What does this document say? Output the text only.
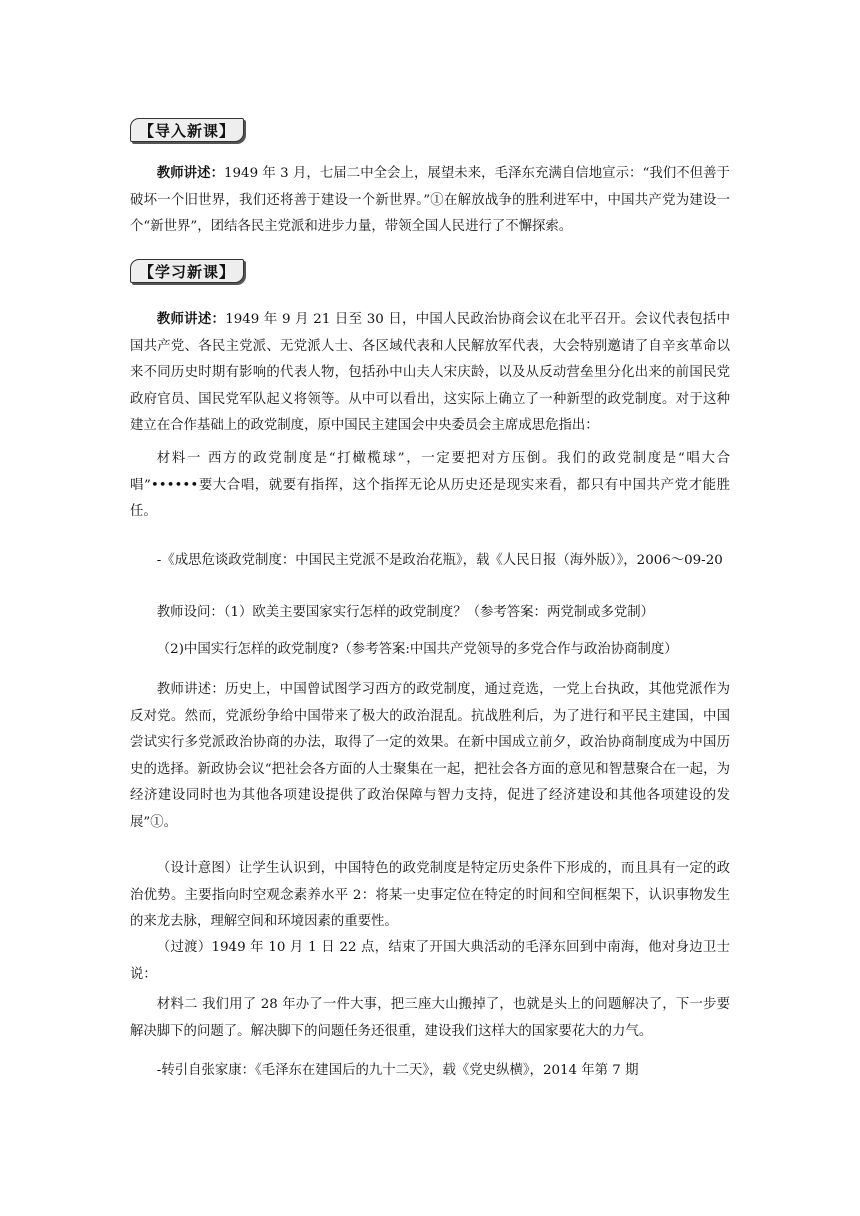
【导入新课】

教师讲述：1949 年 3 月，七届二中全会上，展望未来，毛泽东充满自信地宣示：“我们不但善于破坏一个旧世界，我们还将善于建设一个新世界。”①在解放战争的胜利进军中，中国共产党为建设一个“新世界”，团结各民主党派和进步力量，带领全国人民进行了不懈探索。

【学习新课】

教师讲述：1949 年 9 月 21 日至 30 日，中国人民政治协商会议在北平召开。会议代表包括中国共产党、各民主党派、无党派人士、各区域代表和人民解放军代表，大会特别邀请了自辛亥革命以来不同历史时期有影响的代表人物，包括孙中山夫人宋庆龄，以及从反动营垒里分化出来的前国民党政府官员、国民党军队起义将领等。从中可以看出，这实际上确立了一种新型的政党制度。对于这种建立在合作基础上的政党制度，原中国民主建国会中央委员会主席成思危指出：

材料一 西方的政党制度是“打橄榄球”，一定要把对方压倒。我们的政党制度是“唱大合唱”••••••要大合唱，就要有指挥，这个指挥无论从历史还是现实来看，都只有中国共产党才能胜任。

-《成思危谈政党制度：中国民主党派不是政治花瓶》，载《人民日报（海外版）》，2006～09-20

教师设问：（1）欧美主要国家实行怎样的政党制度？（参考答案：两党制或多党制）

（2)中国实行怎样的政党制度?（参考答案:中国共产党领导的多党合作与政治协商制度）

教师讲述：历史上，中国曾试图学习西方的政党制度，通过竞选，一党上台执政，其他党派作为反对党。然而，党派纷争给中国带来了极大的政治混乱。抗战胜利后，为了进行和平民主建国，中国尝试实行多党派政治协商的办法，取得了一定的效果。在新中国成立前夕，政治协商制度成为中国历史的选择。新政协会议“把社会各方面的人士聚集在一起，把社会各方面的意见和智慧聚合在一起，为经济建设同时也为其他各项建设提供了政治保障与智力支持，促进了经济建设和其他各项建设的发展”①。

（设计意图）让学生认识到，中国特色的政党制度是特定历史条件下形成的，而且具有一定的政治优势。主要指向时空观念素养水平 2：将某一史事定位在特定的时间和空间框架下，认识事物发生的来龙去脉，理解空间和环境因素的重要性。

（过渡）1949 年 10 月 1 日 22 点，结束了开国大典活动的毛泽东回到中南海，他对身边卫士说：

材料二 我们用了 28 年办了一件大事，把三座大山搬掉了，也就是头上的问题解决了，下一步要解决脚下的问题了。解决脚下的问题任务还很重，建设我们这样大的国家要花大的力气。

-转引自张家康：《毛泽东在建国后的九十二天》，载《党史纵横》，2014 年第 7 期
